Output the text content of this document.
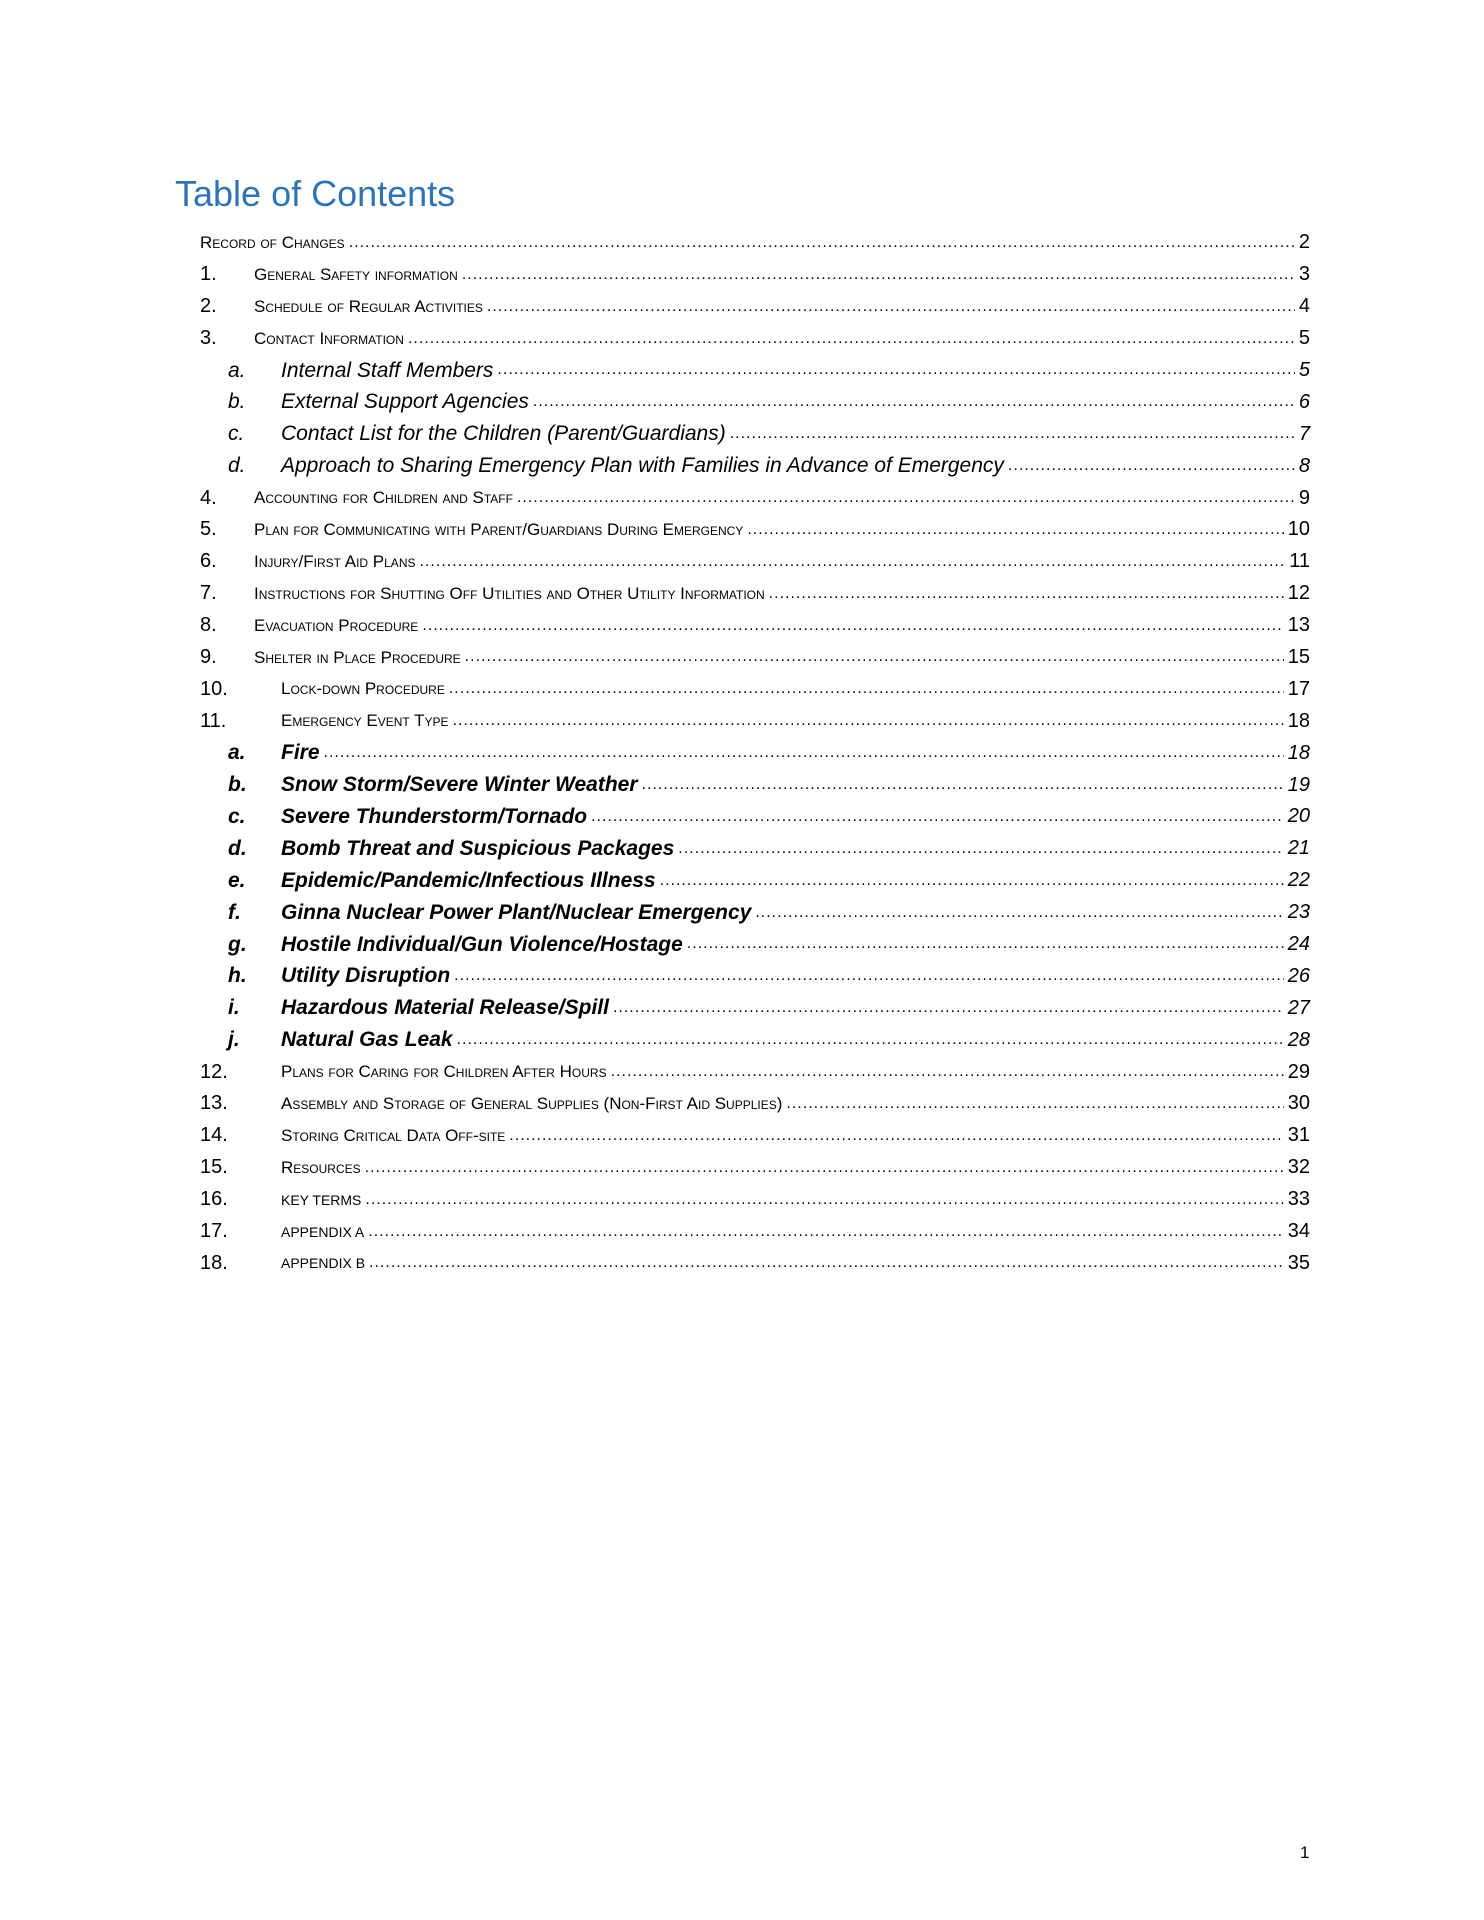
Table of Contents
Record of Changes .....	2
1.	General Safety information .....	3
2.	Schedule of Regular Activities .....	4
3.	Contact Information .....	5
a.	Internal Staff Members .....	5
b.	External Support Agencies .....	6
c.	Contact List for the Children (Parent/Guardians) .....	7
d.	Approach to Sharing Emergency Plan with Families in Advance of Emergency .....	8
4.	Accounting for Children and Staff .....	9
5.	Plan for Communicating with Parent/Guardians During Emergency .....	10
6.	Injury/First Aid Plans .....	11
7.	Instructions for Shutting Off Utilities and Other Utility Information .....	12
8.	Evacuation Procedure .....	13
9.	Shelter in Place Procedure .....	15
10.	Lock-down Procedure .....	17
11.	Emergency Event Type .....	18
a.	Fire .....	18
b.	Snow Storm/Severe Winter Weather .....	19
c.	Severe Thunderstorm/Tornado .....	20
d.	Bomb Threat and Suspicious Packages .....	21
e.	Epidemic/Pandemic/Infectious Illness .....	22
f.	Ginna Nuclear Power Plant/Nuclear Emergency .....	23
g.	Hostile Individual/Gun Violence/Hostage .....	24
h.	Utility Disruption .....	26
i.	Hazardous Material Release/Spill .....	27
j.	Natural Gas Leak .....	28
12.	Plans for Caring for Children After Hours .....	29
13.	Assembly and Storage of General Supplies (Non-First Aid Supplies) .....	30
14.	Storing Critical Data Off-site .....	31
15.	Resources .....	32
16.	KEY TERMS .....	33
17.	APPENDIX A .....	34
18.	APPENDIX B .....	35
1
